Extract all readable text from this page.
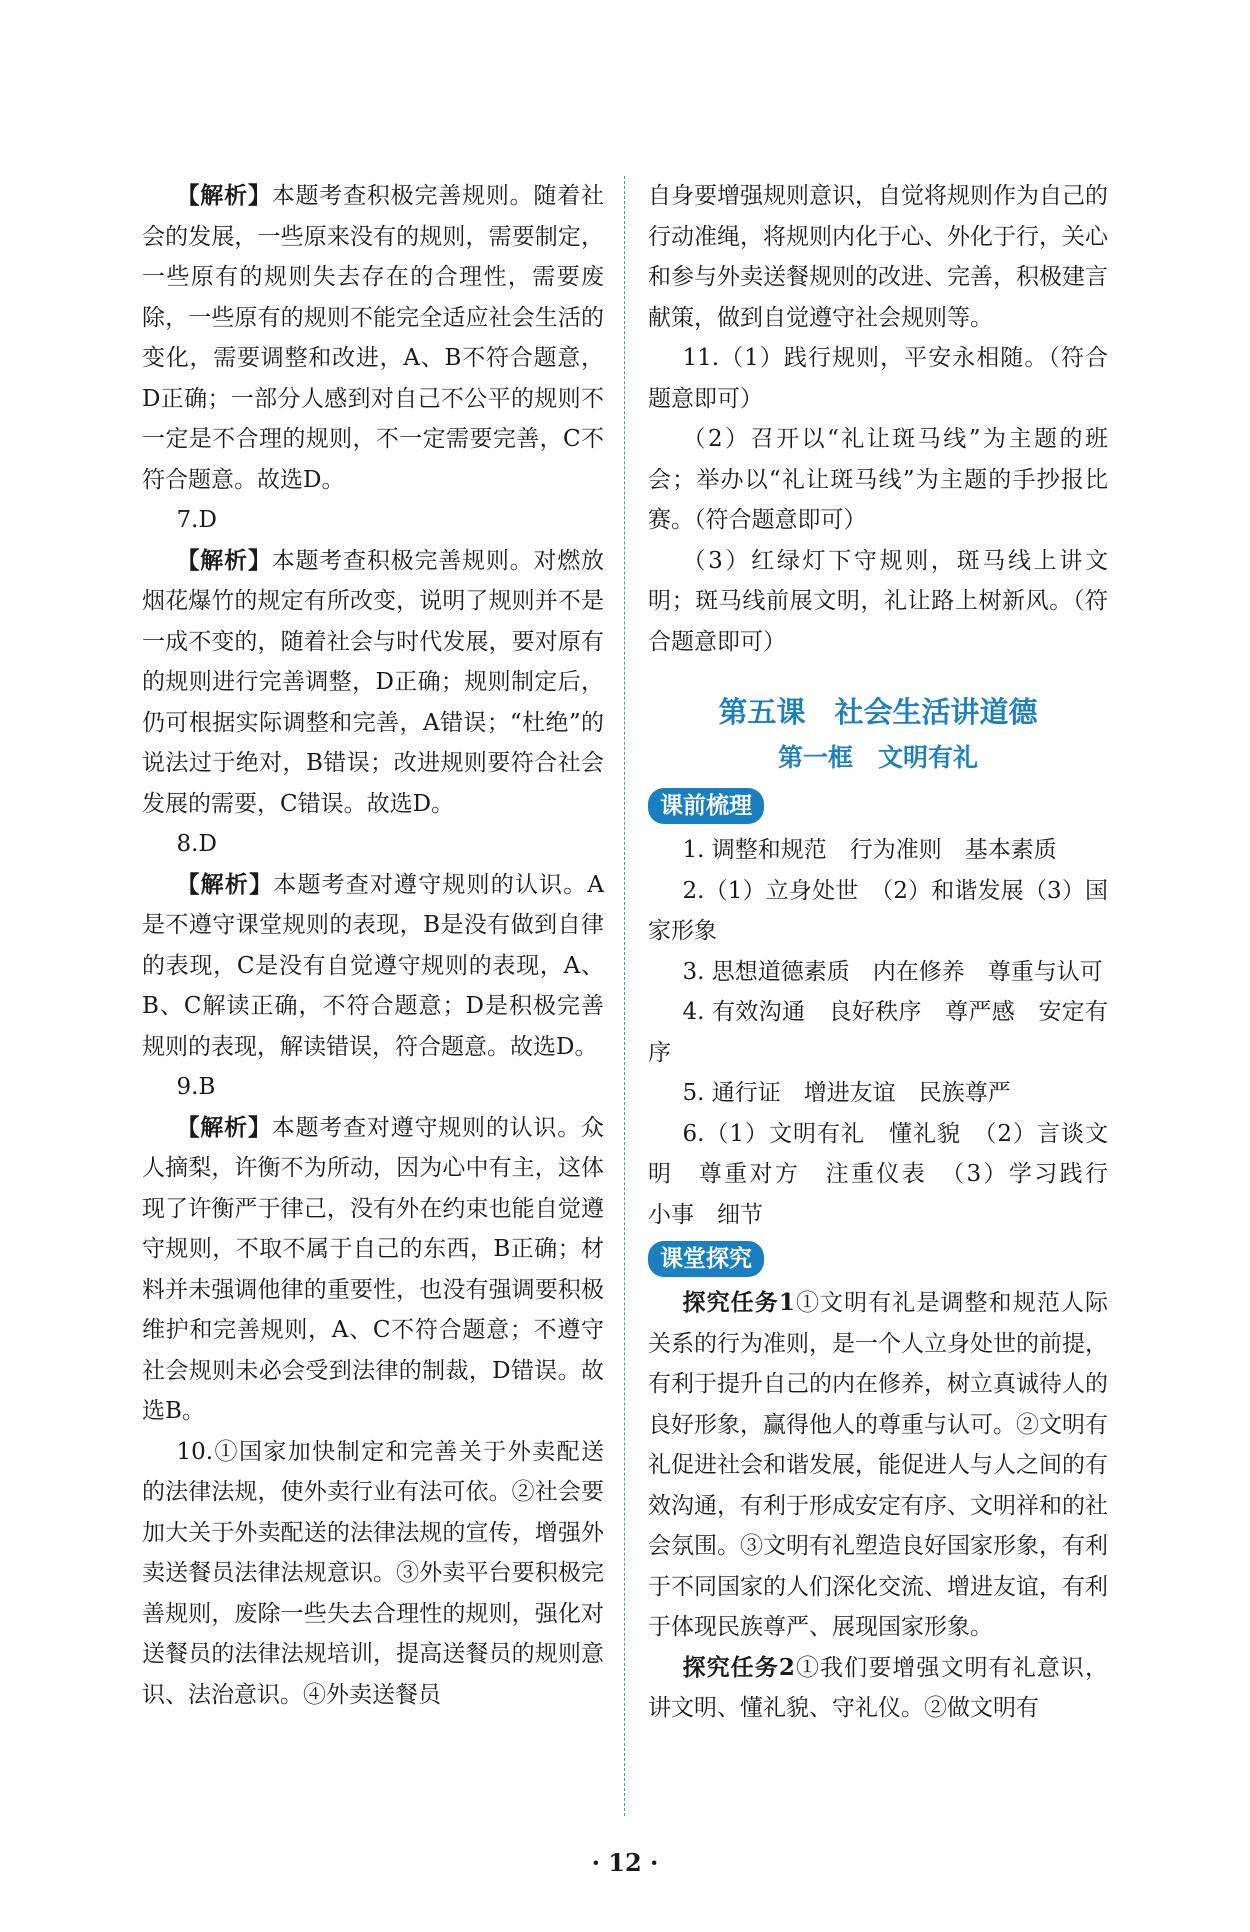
【解析】本题考查积极完善规则。随着社会的发展，一些原来没有的规则，需要制定，一些原有的规则失去存在的合理性，需要废除，一些原有的规则不能完全适应社会生活的变化，需要调整和改进，A、B不符合题意，D正确；一部分人感到对自己不公平的规则不一定是不合理的规则，不一定需要完善，C不符合题意。故选D。

7.D

【解析】本题考查积极完善规则。对燃放烟花爆竹的规定有所改变，说明了规则并不是一成不变的，随着社会与时代发展，要对原有的规则进行完善调整，D正确；规则制定后，仍可根据实际调整和完善，A错误；“杜绝”的说法过于绝对，B错误；改进规则要符合社会发展的需要，C错误。故选D。

8.D

【解析】本题考查对遵守规则的认识。A是不遵守课堂规则的表现，B是没有做到自律的表现，C是没有自觉遵守规则的表现，A、B、C解读正确，不符合题意；D是积极完善规则的表现，解读错误，符合题意。故选D。

9.B

【解析】本题考查对遵守规则的认识。众人摘梨，许衡不为所动，因为心中有主，这体现了许衡严于律己，没有外在约束也能自觉遵守规则，不取不属于自己的东西，B正确；材料并未强调他律的重要性，也没有强调要积极维护和完善规则，A、C不符合题意；不遵守社会规则未必会受到法律的制裁，D错误。故选B。

10.①国家加快制定和完善关于外卖配送的法律法规，使外卖行业有法可依。②社会要加大关于外卖配送的法律法规的宣传，增强外卖送餐员法律法规意识。③外卖平台要积极完善规则，废除一些失去合理性的规则，强化对送餐员的法律法规培训，提高送餐员的规则意识、法治意识。④外卖送餐员

自身要增强规则意识，自觉将规则作为自己的行动准绳，将规则内化于心、外化于行，关心和参与外卖送餐规则的改进、完善，积极建言献策，做到自觉遵守社会规则等。

11.（1）践行规则，平安永相随。（符合题意即可）

（2）召开以“礼让斑马线”为主题的班会；举办以“礼让斑马线”为主题的手抄报比赛。（符合题意即可）

（3）红绿灯下守规则，斑马线上讲文明；斑马线前展文明，礼让路上树新风。（符合题意即可）

第五课　社会生活讲道德
第一框　文明有礼
课前梳理

1. 调整和规范　行为准则　基本素质

2.（1）立身处世　（2）和谐发展（3）国家形象

3. 思想道德素质　内在修养　尊重与认可

4. 有效沟通　良好秩序　尊严感　安定有序

5. 通行证　增进友谊　民族尊严

6.（1）文明有礼　懂礼貌　（2）言谈文明　尊重对方　注重仪表　（3）学习践行　小事　细节

课堂探究

探究任务1①文明有礼是调整和规范人际关系的行为准则，是一个人立身处世的前提，有利于提升自己的内在修养，树立真诚待人的良好形象，赢得他人的尊重与认可。②文明有礼促进社会和谐发展，能促进人与人之间的有效沟通，有利于形成安定有序、文明祥和的社会氛围。③文明有礼塑造良好国家形象，有利于不同国家的人们深化交流、增进友谊，有利于体现民族尊严、展现国家形象。

探究任务2①我们要增强文明有礼意识，讲文明、懂礼貌、守礼仪。②做文明有

· 12 ·
